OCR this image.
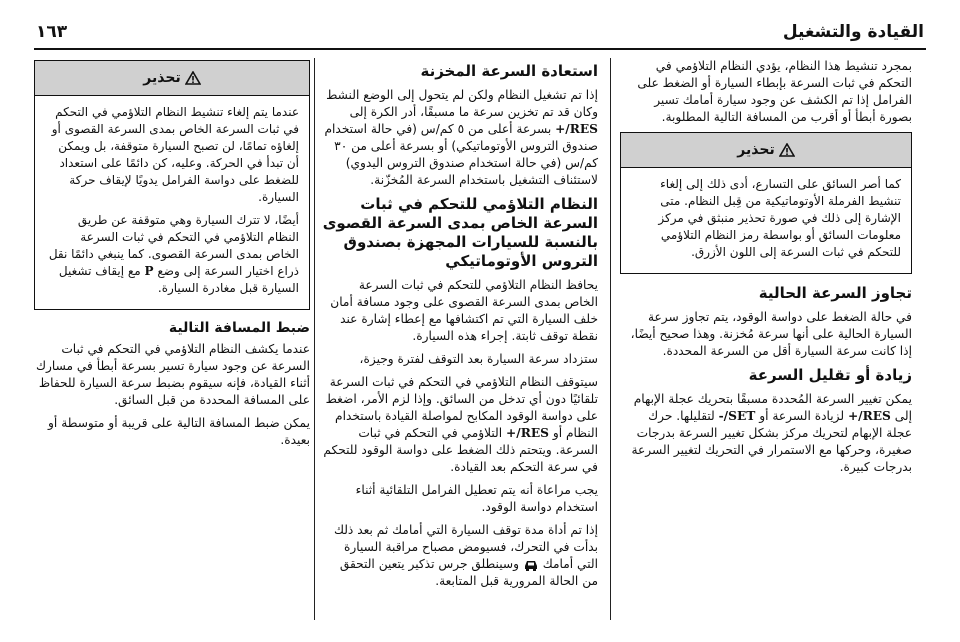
القيادة والتشغيل
١٦٣

بمجرد تنشيط هذا النظام، يؤدي النظام التلاؤمي في التحكم في ثبات السرعة بإبطاء السيارة أو الضغط على الفرامل إذا تم الكشف عن وجود سيارة أمامك تسير بصورة أبطأ أو أقرب من المسافة التالية المطلوبة.

تحذير

كما أصر السائق على التسارع، أدى ذلك إلى إلغاء تنشيط الفرملة الأوتوماتيكية من قِبل النظام. متى الإشارة إلى ذلك في صورة تحذير منبثق في مركز معلومات السائق أو بواسطة رمز النظام التلاؤمي للتحكم في ثبات السرعة إلى اللون الأزرق.

تجاوز السرعة الحالية

في حالة الضغط على دواسة الوقود، يتم تجاوز سرعة السيارة الحالية على أنها سرعة مُخزنة. وهذا صحيح أيضًا، إذا كانت سرعة السيارة أقل من السرعة المحددة.

زيادة أو تقليل السرعة

يمكن تغيير السرعة المُحددة مسبقًا بتحريك عجلة الإبهام إلى RES/+ لزيادة السرعة أو SET/- لتقليلها. حرك عجلة الإبهام لتحريك مركز بشكل تغيير السرعة بدرجات صغيرة، وحركها مع الاستمرار في التحريك لتغيير السرعة بدرجات كبيرة.

استعادة السرعة المخزنة

إذا تم تشغيل النظام ولكن لم يتحول إلى الوضع النشط وكان قد تم تخزين سرعة ما مسبقًا، أدر الكرة إلى RES/+ بسرعة أعلى من ٥ كم/س (في حالة استخدام صندوق التروس الأوتوماتيكي) أو بسرعة أعلى من ٣٠ كم/س (في حالة استخدام صندوق التروس اليدوي) لاستئناف التشغيل باستخدام السرعة المُخزّنة.

النظام التلاؤمي للتحكم في ثبات السرعة الخاص بمدى السرعة القصوى بالنسبة للسيارات المجهزة بصندوق التروس الأوتوماتيكي

يحافظ النظام التلاؤمي للتحكم في ثبات السرعة الخاص بمدى السرعة القصوى على وجود مسافة أمان خلف السيارة التي تم اكتشافها مع إعطاء إشارة عند نقطة توقف ثابتة. إجراء هذه السيارة.

ستزداد سرعة السيارة بعد التوقف لفترة وجيزة،

سيتوقف النظام التلاؤمي في التحكم في ثبات السرعة تلقائيًا دون أي تدخل من السائق. وإذا لزم الأمر، اضغط على دواسة الوقود المكابح لمواصلة القيادة باستخدام النظام أو RES/+ التلاؤمي في التحكم في ثبات السرعة. ويتحتم ذلك الضغط على دواسة الوقود للتحكم في سرعة التحكم بعد القيادة.

يجب مراعاة أنه يتم تعطيل الفرامل التلقائية أثناء استخدام دواسة الوقود.

إذا تم أداة مدة توقف السيارة التي أمامك ثم بعد ذلك بدأت في التحرك، فسيومض مصباح مراقبة السيارة التي أمامك  وسينطلق جرس تذكير يتعين التحقق من الحالة المرورية قبل المتابعة.

تحذير

عندما يتم إلغاء تنشيط النظام التلاؤمي في التحكم في ثبات السرعة الخاص بمدى السرعة القصوى أو إلغاؤه تمامًا، لن تصبح السيارة متوقفة، بل ويمكن أن تبدأ في الحركة. وعليه، كن دائمًا على استعداد للضغط على دواسة الفرامل يدويًا لإيقاف حركة السيارة.

أيضًا، لا تترك السيارة وهي متوقفة عن طريق النظام التلاؤمي في التحكم في ثبات السرعة الخاص بمدى السرعة القصوى. كما ينبغي دائمًا نقل ذراع اختيار السرعة إلى وضع P مع إيقاف تشغيل السيارة قبل مغادرة السيارة.

ضبط المسافة التالية

عندما يكشف النظام التلاؤمي في التحكم في ثبات السرعة عن وجود سيارة تسير بسرعة أبطأ في مسارك أثناء القيادة، فإنه سيقوم بضبط سرعة السيارة للحفاظ على المسافة المحددة من قبل السائق.

يمكن ضبط المسافة التالية على قريبة أو متوسطة أو بعيدة.
